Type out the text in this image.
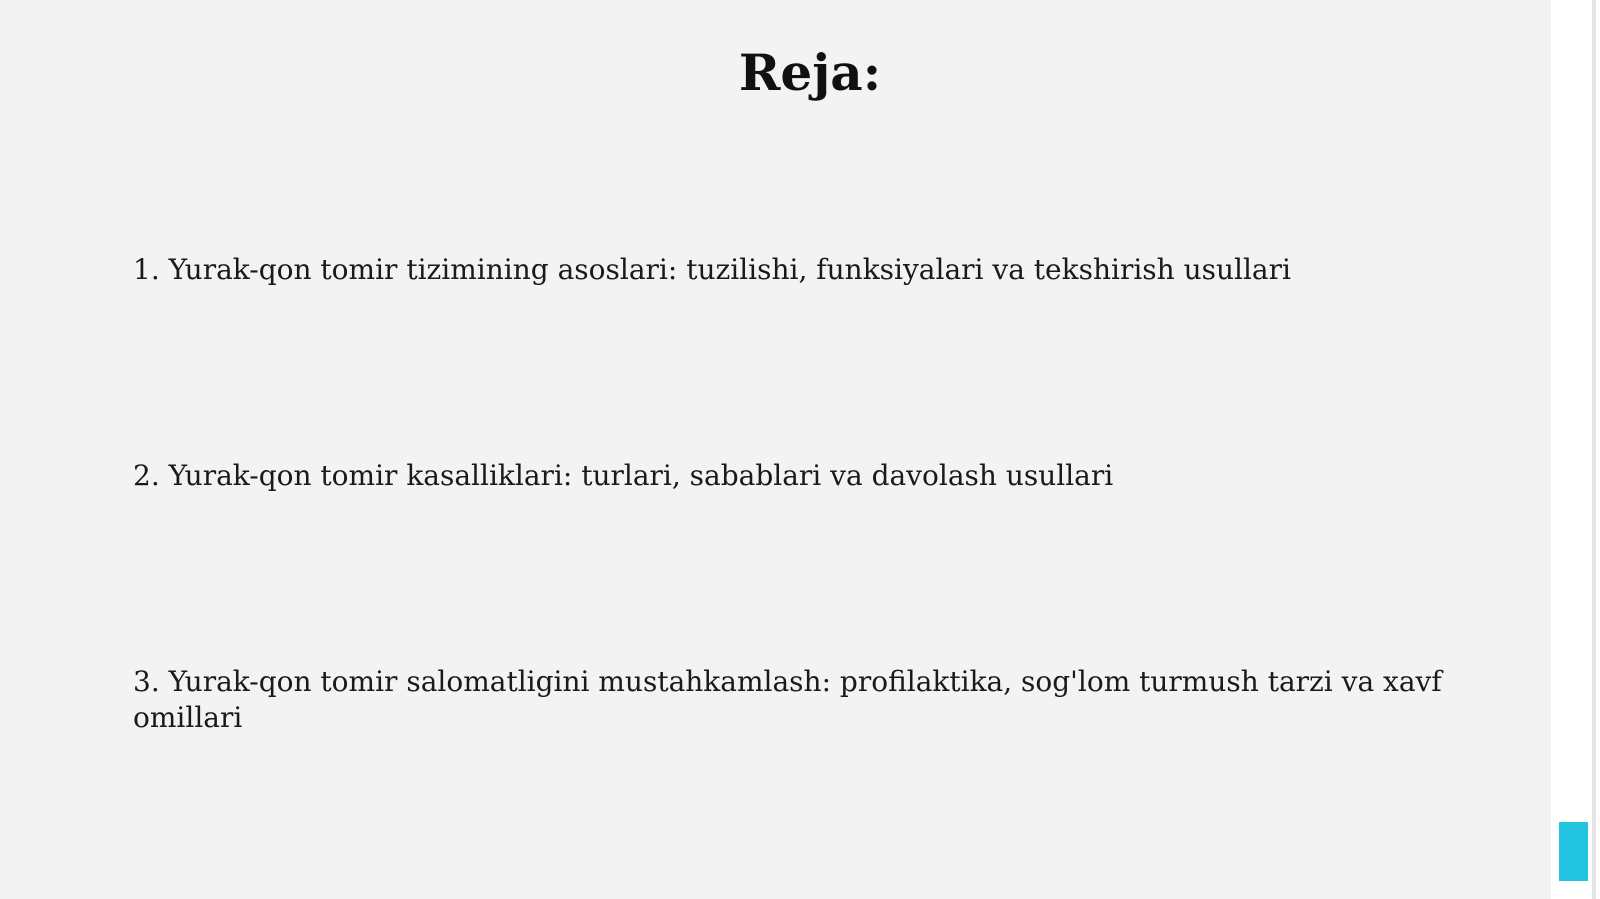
Reja:

1. Yurak-qon tomir tizimining asoslari: tuzilishi, funksiyalari va tekshirish usullari

2. Yurak-qon tomir kasalliklari: turlari, sabablari va davolash usullari

3. Yurak-qon tomir salomatligini mustahkamlash: profilaktika, sog'lom turmush tarzi va xavf omillari
